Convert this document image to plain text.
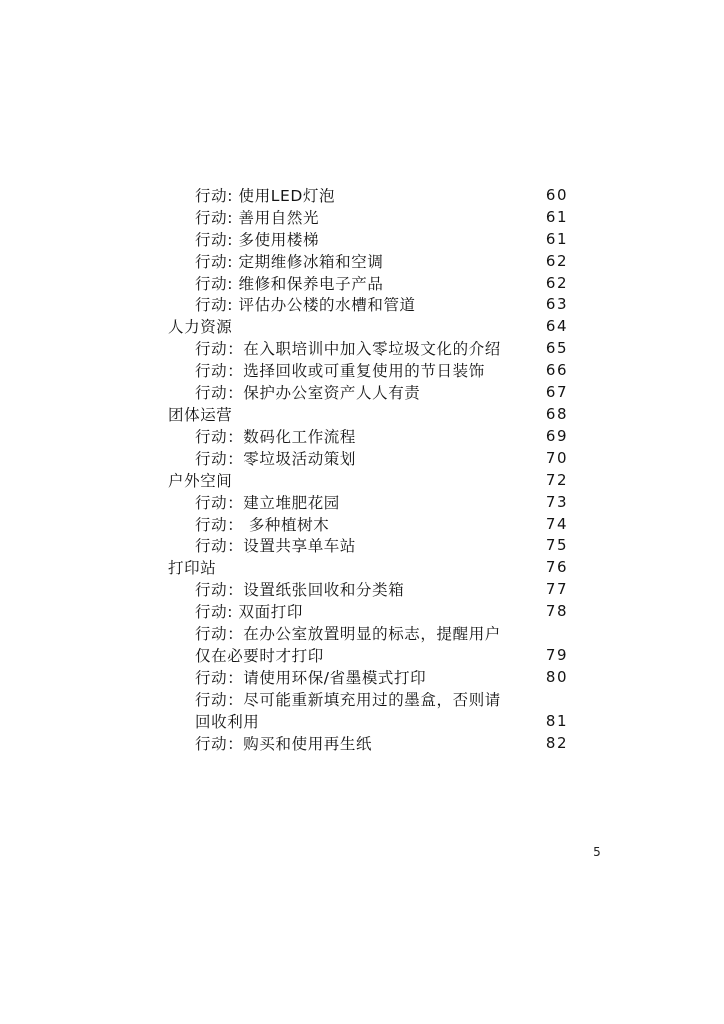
行动: 使用LED灯泡	60
行动: 善用自然光	61
行动: 多使用楼梯	61
行动: 定期维修冰箱和空调	62
行动: 维修和保养电子产品	62
行动: 评估办公楼的水槽和管道	63
人力资源	64
行动：在入职培训中加入零垃圾文化的介绍	65
行动：选择回收或可重复使用的节日装饰	66
行动：保护办公室资产人人有责	67
团体运营	68
行动：数码化工作流程	69
行动：零垃圾活动策划	70
户外空间	72
行动：建立堆肥花园	73
行动： 多种植树木	74
行动：设置共享单车站	75
打印站	76
行动：设置纸张回收和分类箱	77
行动: 双面打印	78
行动：在办公室放置明显的标志，提醒用户
仅在必要时才打印	79
行动：请使用环保/省墨模式打印	80
行动：尽可能重新填充用过的墨盒，否则请
回收利用	81
行动：购买和使用再生纸	82
5
